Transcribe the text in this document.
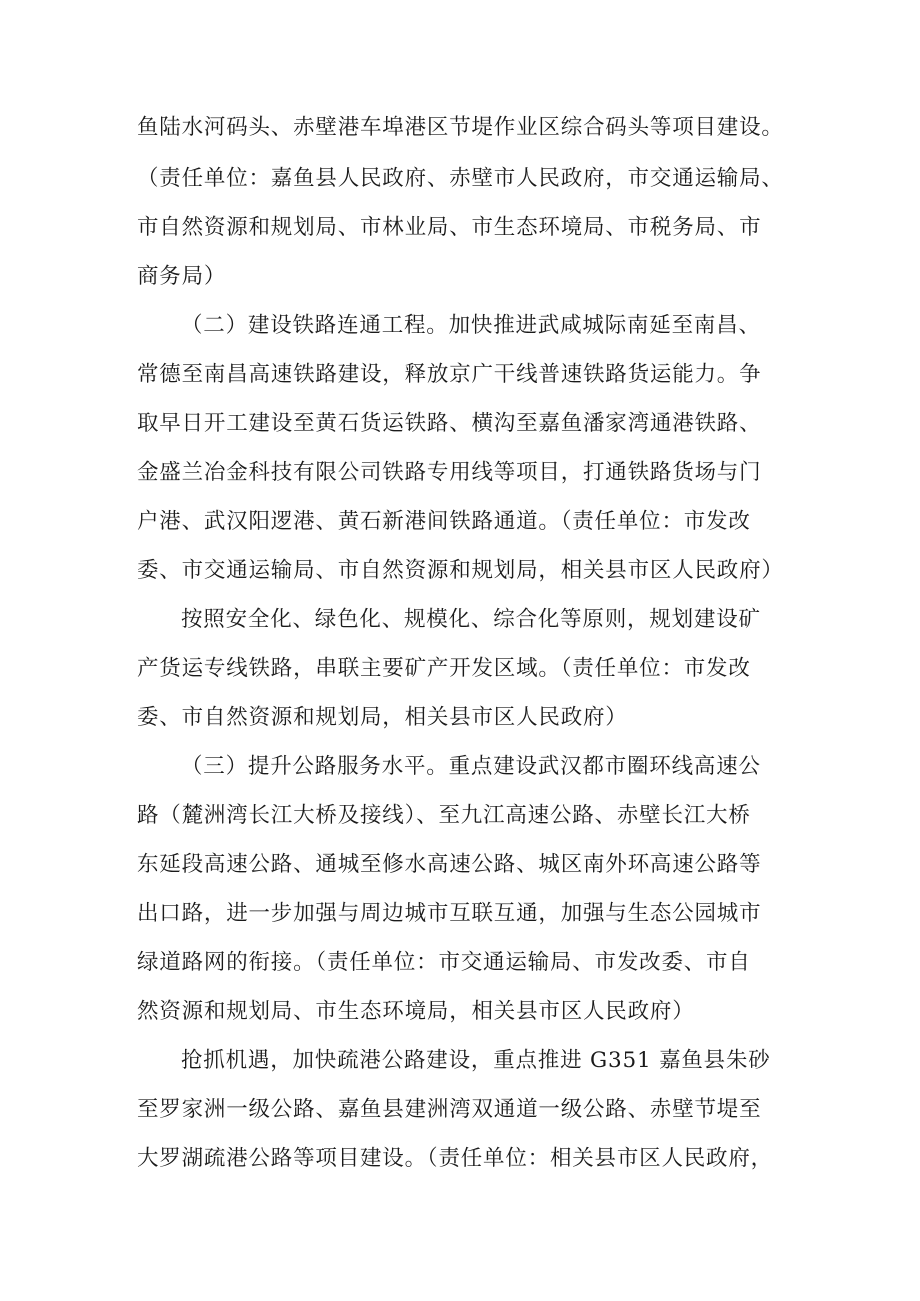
鱼陆水河码头、赤壁港车埠港区节堤作业区综合码头等项目建设。
（责任单位：嘉鱼县人民政府、赤壁市人民政府，市交通运输局、
市自然资源和规划局、市林业局、市生态环境局、市税务局、市
商务局）
（二）建设铁路连通工程。加快推进武咸城际南延至南昌、
常德至南昌高速铁路建设，释放京广干线普速铁路货运能力。争
取早日开工建设至黄石货运铁路、横沟至嘉鱼潘家湾通港铁路、
金盛兰冶金科技有限公司铁路专用线等项目，打通铁路货场与门
户港、武汉阳逻港、黄石新港间铁路通道。（责任单位：市发改
委、市交通运输局、市自然资源和规划局，相关县市区人民政府）
按照安全化、绿色化、规模化、综合化等原则，规划建设矿
产货运专线铁路，串联主要矿产开发区域。（责任单位：市发改
委、市自然资源和规划局，相关县市区人民政府）
（三）提升公路服务水平。重点建设武汉都市圈环线高速公
路（麓洲湾长江大桥及接线）、至九江高速公路、赤壁长江大桥
东延段高速公路、通城至修水高速公路、城区南外环高速公路等
出口路，进一步加强与周边城市互联互通，加强与生态公园城市
绿道路网的衔接。（责任单位：市交通运输局、市发改委、市自
然资源和规划局、市生态环境局，相关县市区人民政府）
抢抓机遇，加快疏港公路建设，重点推进 G351 嘉鱼县朱砂
至罗家洲一级公路、嘉鱼县建洲湾双通道一级公路、赤壁节堤至
大罗湖疏港公路等项目建设。（责任单位：相关县市区人民政府，
